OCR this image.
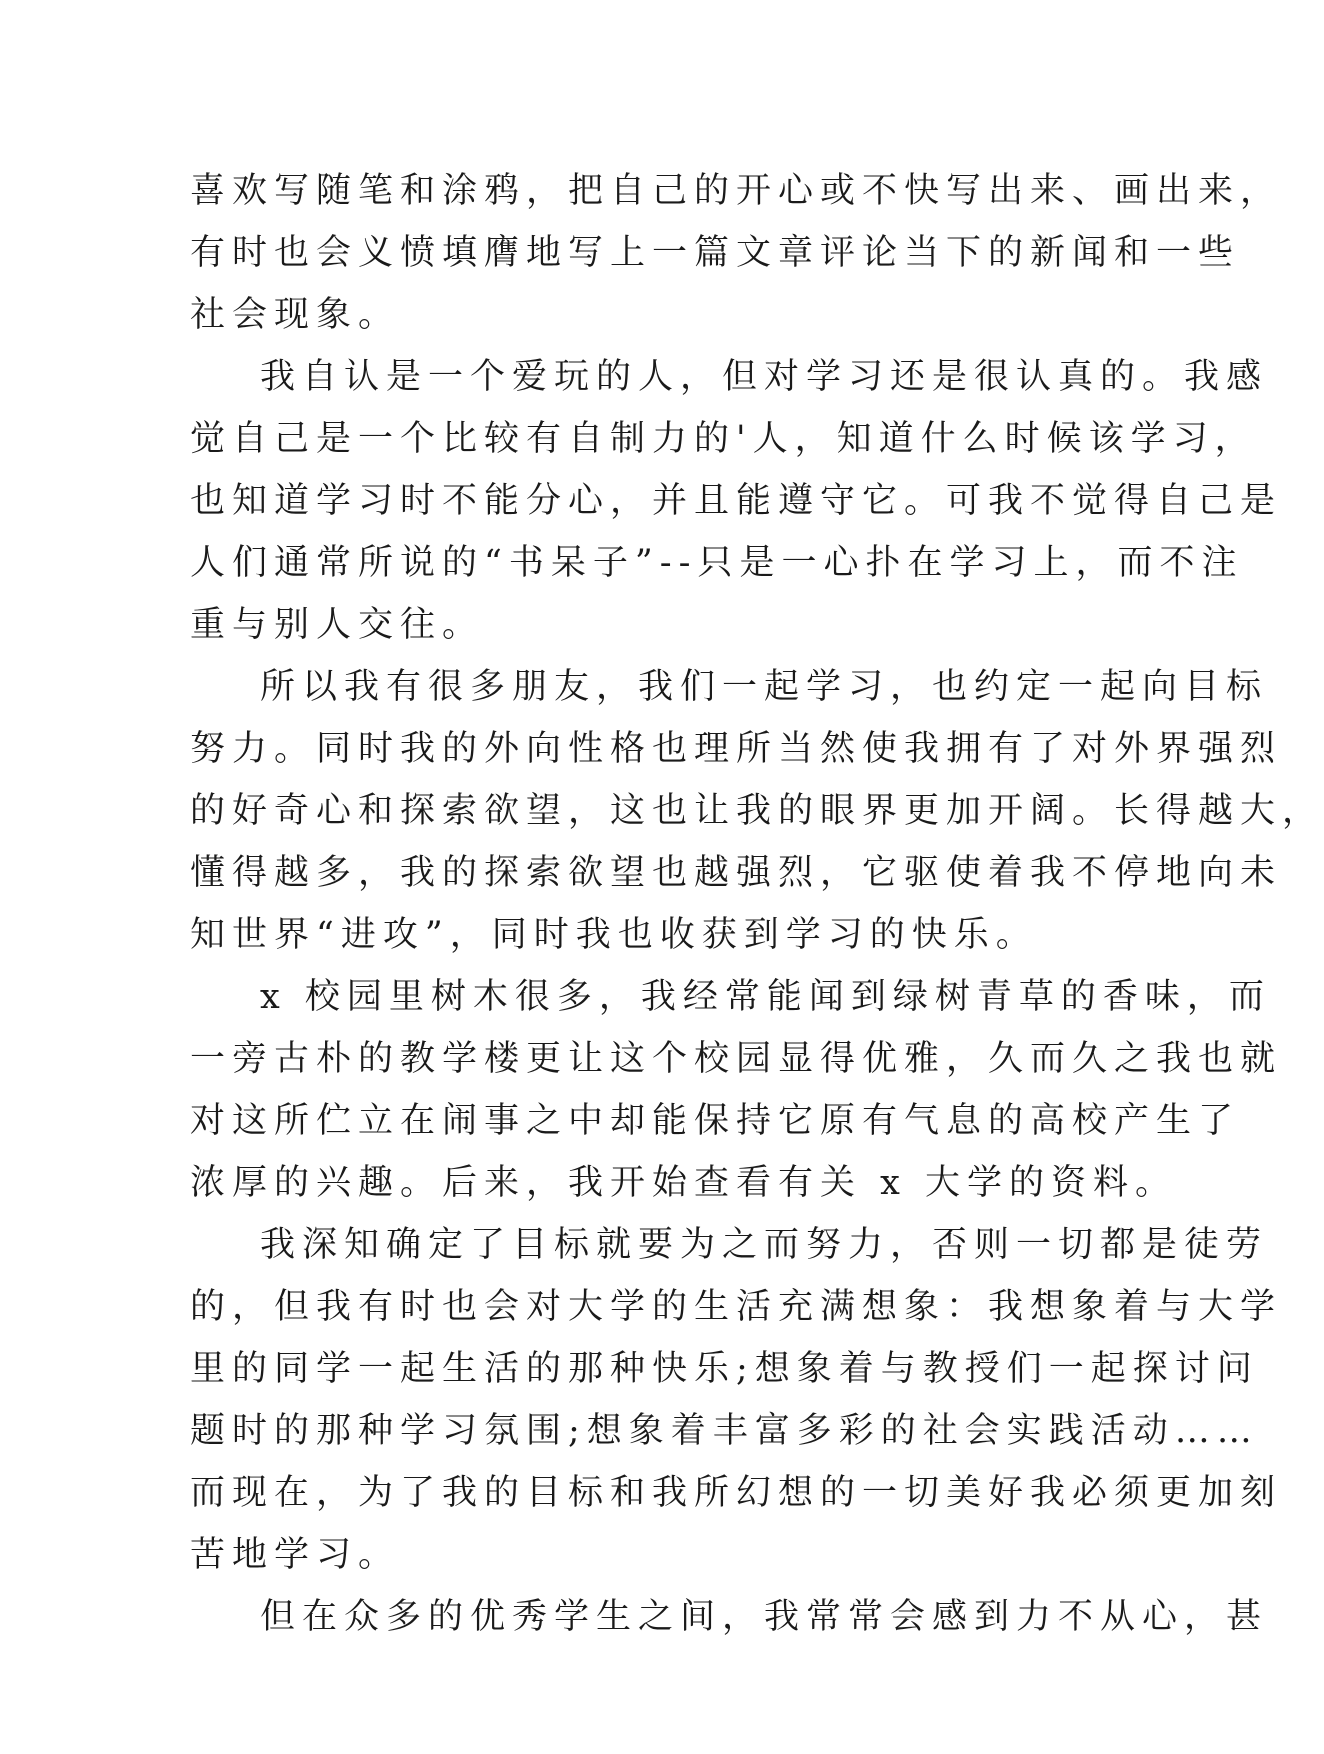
喜欢写随笔和涂鸦，把自己的开心或不快写出来、画出来，
有时也会义愤填膺地写上一篇文章评论当下的新闻和一些
社会现象。
我自认是一个爱玩的人，但对学习还是很认真的。我感
觉自己是一个比较有自制力的'人，知道什么时候该学习，
也知道学习时不能分心，并且能遵守它。可我不觉得自己是
人们通常所说的“书呆子”--只是一心扑在学习上，而不注
重与别人交往。
所以我有很多朋友，我们一起学习，也约定一起向目标
努力。同时我的外向性格也理所当然使我拥有了对外界强烈
的好奇心和探索欲望，这也让我的眼界更加开阔。长得越大，
懂得越多，我的探索欲望也越强烈，它驱使着我不停地向未
知世界“进攻”，同时我也收获到学习的快乐。
x 校园里树木很多，我经常能闻到绿树青草的香味，而
一旁古朴的教学楼更让这个校园显得优雅，久而久之我也就
对这所伫立在闹事之中却能保持它原有气息的高校产生了
浓厚的兴趣。后来，我开始查看有关 x 大学的资料。
我深知确定了目标就要为之而努力，否则一切都是徒劳
的，但我有时也会对大学的生活充满想象：我想象着与大学
里的同学一起生活的那种快乐;想象着与教授们一起探讨问
题时的那种学习氛围;想象着丰富多彩的社会实践活动……
而现在，为了我的目标和我所幻想的一切美好我必须更加刻
苦地学习。
但在众多的优秀学生之间，我常常会感到力不从心，甚
